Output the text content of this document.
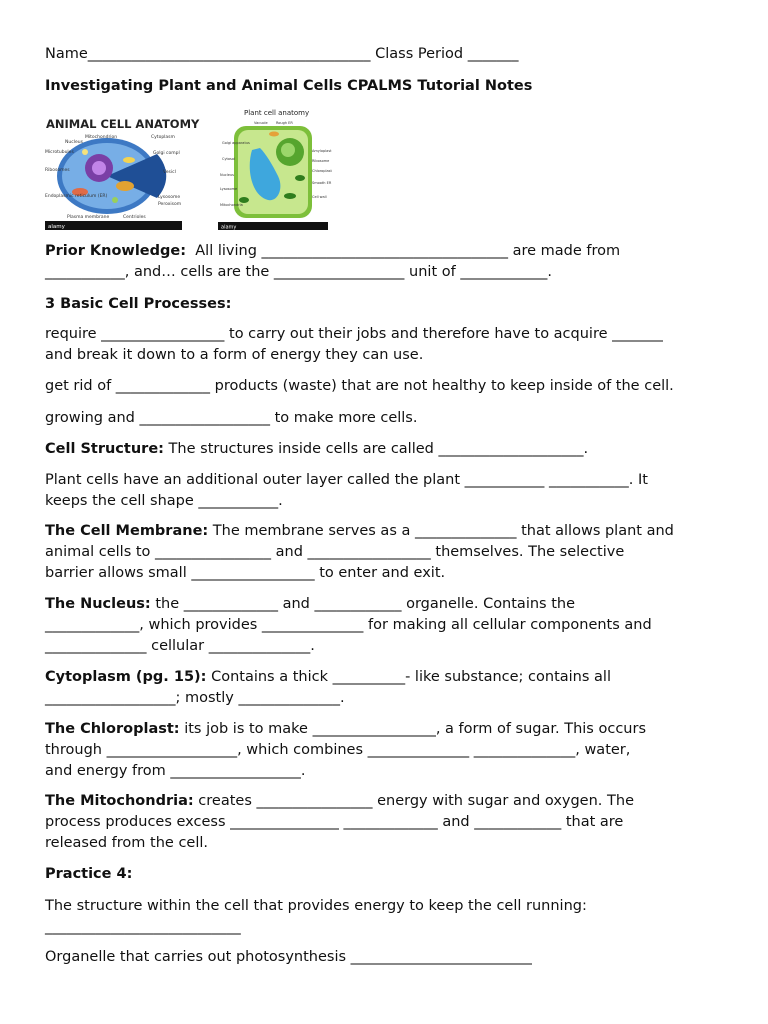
Name_______________________________________ Class Period _______

Investigating Plant and Animal Cells CPALMS Tutorial Notes

ANIMAL CELL ANATOMY
Mitochondrion	Cytoplasm
Nucleus
Golgi compl
Microtubules
Vesicl
Ribosomes
Lysosome
Peroxisom
Endoplasmic reticulum (ER)
Plasma membrane	Centrioles
alamy
Plant cell anatomy
Vacuole Rough ER
Golgi apparatus
Cytosol
Nucleus
Amyloplast
Ribosome
Chloroplast
Lysosome
Smooth ER
Cell wall
Mitochondria
alamy
Prior Knowledge:  All living __________________________________ are made from
___________, and… cells are the __________________ unit of ____________.
3 Basic Cell Processes:
require _________________ to carry out their jobs and therefore have to acquire _______
and break it down to a form of energy they can use.
get rid of _____________ products (waste) that are not healthy to keep inside of the cell.
growing and __________________ to make more cells.
Cell Structure: The structures inside cells are called ____________________.
Plant cells have an additional outer layer called the plant ___________ ___________. It
keeps the cell shape ___________.
The Cell Membrane: The membrane serves as a ______________ that allows plant and
animal cells to ________________ and _________________ themselves. The selective
barrier allows small _________________ to enter and exit.
The Nucleus: the _____________ and ____________ organelle. Contains the
_____________, which provides ______________ for making all cellular components and
______________ cellular ______________.
Cytoplasm (pg. 15): Contains a thick __________- like substance; contains all
__________________; mostly ______________.
The Chloroplast: its job is to make _________________, a form of sugar. This occurs
through __________________, which combines ______________ ______________, water,
and energy from __________________.
The Mitochondria: creates ________________ energy with sugar and oxygen. The
process produces excess _______________ _____________ and ____________ that are
released from the cell.
Practice 4:
The structure within the cell that provides energy to keep the cell running:
___________________________
Organelle that carries out photosynthesis _________________________
